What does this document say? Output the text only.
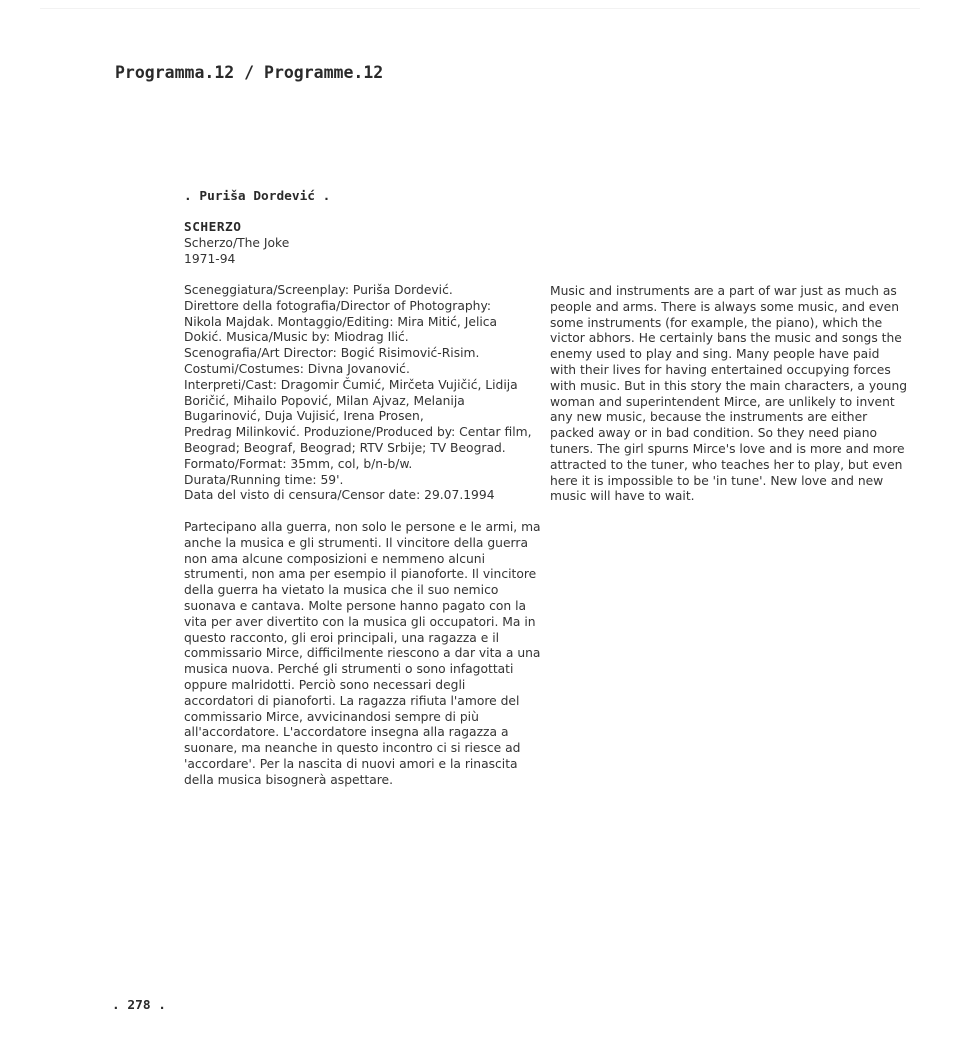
Programma.12 / Programme.12
. Puriša Dordević .
SCHERZO
Scherzo/The Joke
1971-94
Sceneggiatura/Screenplay: Puriša Dordević.
Direttore della fotografia/Director of Photography:
Nikola Majdak. Montaggio/Editing: Mira Mitić, Jelica
Dokić. Musica/Music by: Miodrag Ilić.
Scenografia/Art Director: Bogić Risimović-Risim.
Costumi/Costumes: Divna Jovanović.
Interpreti/Cast: Dragomir Čumić, Mirčeta Vujičić, Lidija
Boričić, Mihailo Popović, Milan Ajvaz, Melanija
Bugarinović, Duja Vujisić, Irena Prosen,
Predrag Milinković. Produzione/Produced by: Centar film,
Beograd; Beograf, Beograd; RTV Srbije; TV Beograd.
Formato/Format: 35mm, col, b/n-b/w.
Durata/Running time: 59'.
Data del visto di censura/Censor date: 29.07.1994
Partecipano alla guerra, non solo le persone e le armi, ma
anche la musica e gli strumenti. Il vincitore della guerra
non ama alcune composizioni e nemmeno alcuni
strumenti, non ama per esempio il pianoforte. Il vincitore
della guerra ha vietato la musica che il suo nemico
suonava e cantava. Molte persone hanno pagato con la
vita per aver divertito con la musica gli occupatori. Ma in
questo racconto, gli eroi principali, una ragazza e il
commissario Mirce, difficilmente riescono a dar vita a una
musica nuova. Perché gli strumenti o sono infagottati
oppure malridotti. Perciò sono necessari degli
accordatori di pianoforti. La ragazza rifiuta l'amore del
commissario Mirce, avvicinandosi sempre di più
all'accordatore. L'accordatore insegna alla ragazza a
suonare, ma neanche in questo incontro ci si riesce ad
'accordare'. Per la nascita di nuovi amori e la rinascita
della musica bisognerà aspettare.
Music and instruments are a part of war just as much as
people and arms. There is always some music, and even
some instruments (for example, the piano), which the
victor abhors. He certainly bans the music and songs the
enemy used to play and sing. Many people have paid
with their lives for having entertained occupying forces
with music. But in this story the main characters, a young
woman and superintendent Mirce, are unlikely to invent
any new music, because the instruments are either
packed away or in bad condition. So they need piano
tuners. The girl spurns Mirce's love and is more and more
attracted to the tuner, who teaches her to play, but even
here it is impossible to be 'in tune'. New love and new
music will have to wait.
. 278 .
